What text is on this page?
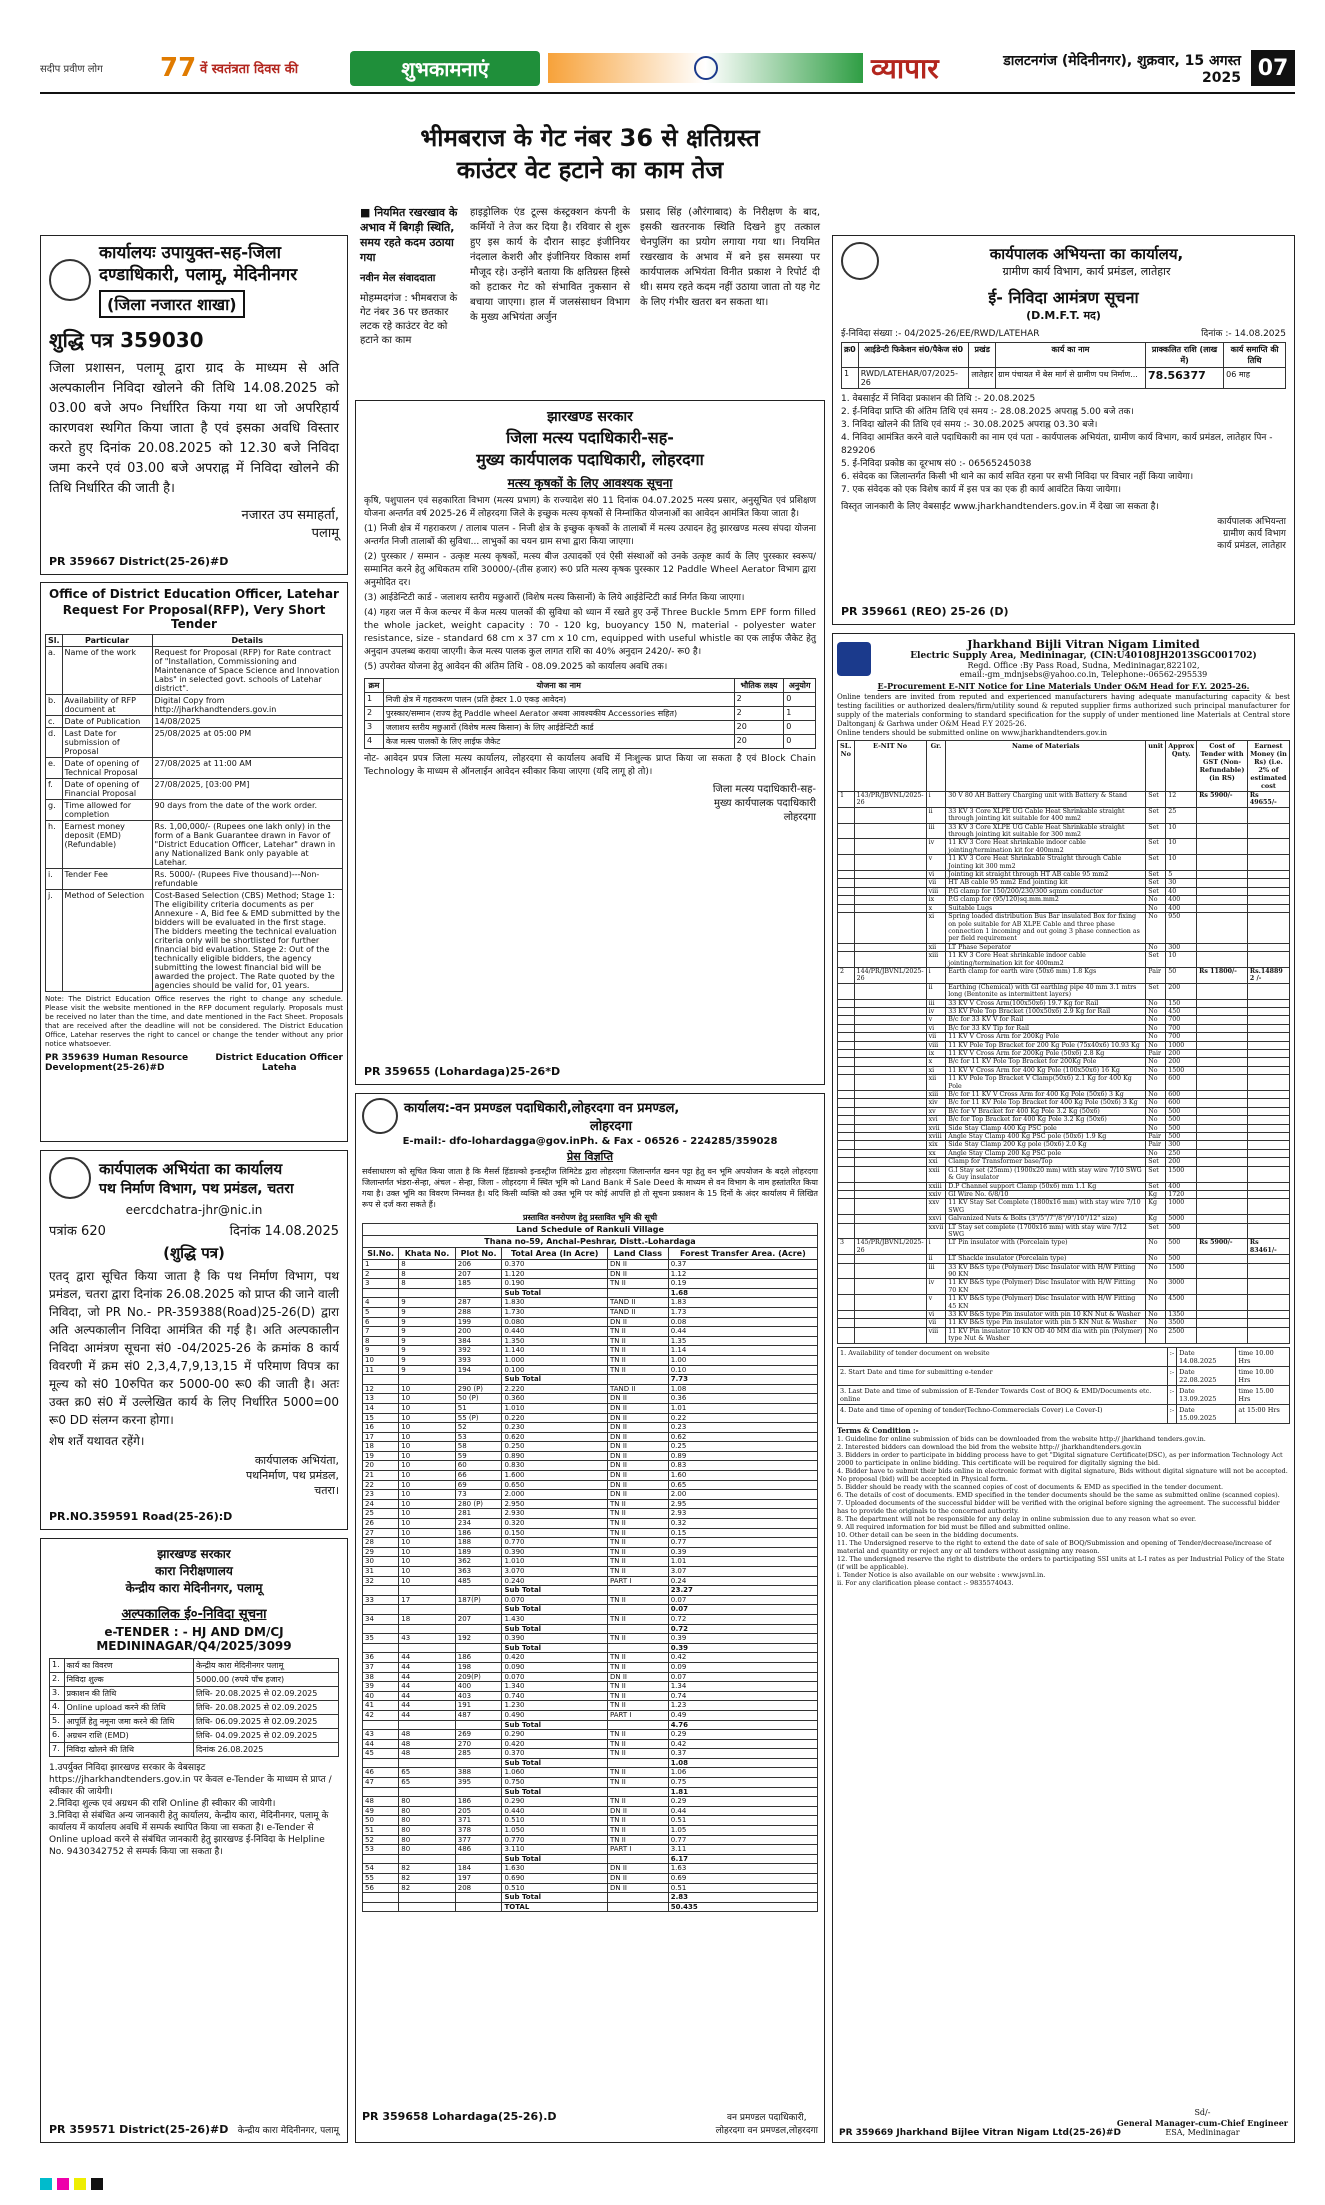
सदीप प्रवीण लोग	77 वें स्वतंत्रता दिवस की	शुभकामनाएं	व्यापार	डालटनगंज (मेदिनीनगर), शुक्रवार, 15 अगस्त 2025 07
भीमबराज के गेट नंबर 36 से क्षतिग्रस्त
काउंटर वेट हटाने का काम तेज
■ नियमित रखरखाव के अभाव में बिगड़ी स्थिति, समय रहते कदम उठाया गया
नवीन मेल संवाददाता
मोहम्मदगंज : भीमबराज के गेट नंबर 36 पर छतकार लटक रहे काउंटर वेट को हटाने का काम
हाइड्रोलिक एंड टूल्स कंस्ट्रक्शन कंपनी के कर्मियों ने तेज कर दिया है। रविवार से शुरू हुए इस कार्य के दौरान साइट इंजीनियर नंदलाल केशरी और इंजीनियर विकास शर्मा मौजूद रहे। उन्होंने बताया कि क्षतिग्रस्त हिस्से को हटाकर गेट को संभावित नुकसान से बचाया जाएगा। हाल में जलसंसाधन विभाग के मुख्य अभियंता अर्जुन
प्रसाद सिंह (औरंगाबाद) के निरीक्षण के बाद, इसकी खतरनाक स्थिति दिखने हुए तत्काल चेनपुलिंग का प्रयोग लगाया गया था। नियमित रखरखाव के अभाव में बने इस समस्या पर कार्यपालक अभियंता विनीत प्रकाश ने रिपोर्ट दी थी। समय रहते कदम नहीं उठाया जाता तो यह गेट के लिए गंभीर खतरा बन सकता था।
कार्यालयः उपायुक्त-सह-जिला दण्डाधिकारी, पलामू, मेदिनीनगर
(जिला नजारत शाखा)
शुद्धि पत्र 359030
जिला प्रशासन, पलामू द्वारा ग्राद के माध्यम से अति अल्पकालीन निविदा खोलने की तिथि 14.08.2025 को 03.00 बजे अप० निर्धारित किया गया था जो अपरिहार्य कारणवश स्थगित किया जाता है एवं इसका अवधि विस्तार करते हुए दिनांक 20.08.2025 को 12.30 बजे निविदा जमा करने एवं 03.00 बजे अपराह्न में निविदा खोलने की तिथि निर्धारित की जाती है।
नजारत उप समाहर्ता,
पलामू
PR 359667 District(25-26)#D
Office of District Education Officer, Latehar
Request For Proposal(RFP), Very Short Tender
Sl.	Particular	Details
a.	Name of the work	Request for Proposal (RFP) for Rate contract of "Installation, Commissioning and Maintenance of Space Science and Innovation Labs" in selected govt. schools of Latehar district".
b.	Availability of RFP document at	Digital Copy from http://jharkhandtenders.gov.in
c.	Date of Publication	14/08/2025
d.	Last Date for submission of Proposal	25/08/2025 at 05:00 PM
e.	Date of opening of Technical Proposal	27/08/2025 at 11:00 AM
f.	Date of opening of Financial Proposal	27/08/2025, [03:00 PM]
g.	Time allowed for completion	90 days from the date of the work order.
h.	Earnest money deposit (EMD) (Refundable)	Rs. 1,00,000/- (Rupees one lakh only) in the form of a Bank Guarantee drawn in Favor of "District Education Officer, Latehar" drawn in any Nationalized Bank only payable at Latehar.
i.	Tender Fee	Rs. 5000/- (Rupees Five thousand)---Non-refundable
j.	Method of Selection	Cost-Based Selection (CBS) Method; Stage 1: The eligibility criteria documents as per Annexure - A, Bid fee & EMD submitted by the bidders will be evaluated in the first stage. The bidders meeting the technical evaluation criteria only will be shortlisted for further financial bid evaluation. Stage 2: Out of the technically eligible bidders, the agency submitting the lowest financial bid will be awarded the project. The Rate quoted by the agencies should be valid for, 01 years.
Note: The District Education Office reserves the right to change any schedule. Please visit the website mentioned in the RFP document regularly. Proposals must be received no later than the time, and date mentioned in the Fact Sheet. Proposals that are received after the deadline will not be considered. The District Education Office, Latehar reserves the right to cancel or change the tender without any prior notice whatsoever.
PR 359639 Human Resource Development(25-26)#D
District Education Officer
Lateha
कार्यपालक अभियंता का कार्यालय
पथ निर्माण विभाग, पथ प्रमंडल, चतरा
eercdchatra-jhr@nic.in
पत्रांक 620	दिनांक 14.08.2025
(शुद्धि पत्र)
एतद् द्वारा सूचित किया जाता है कि पथ निर्माण विभाग, पथ प्रमंडल, चतरा द्वारा दिनांक 26.08.2025 को प्राप्त की जाने वाली निविदा, जो PR No.- PR-359388(Road)25-26(D) द्वारा अति अल्पकालीन निविदा आमंत्रित की गई है। अति अल्पकालीन निविदा आमंत्रण सूचना सं0 -04/2025-26 के क्रमांक 8 कार्य विवरणी में क्रम सं0 2,3,4,7,9,13,15 में परिमाण विपत्र का मूल्य को सं0 10रुपित कर 5000-00 रू0 की जाती है। अतः उक्त क्र0 सं0 में उल्लेखित कार्य के लिए निर्धारित 5000=00 रू0 DD संलग्न करना होगा।
शेष शर्तें यथावत रहेंगे।
कार्यपालक अभियंता,
पथनिर्माण, पथ प्रमंडल,
चतरा।
PR.NO.359591 Road(25-26):D
झारखण्ड सरकार
कारा निरीक्षणालय
केन्द्रीय कारा मेदिनीनगर, पलामू
अल्पकालिक ई०-निविदा सूचना
e-TENDER : - HJ AND DM/CJ MEDININAGAR/Q4/2025/3099
1.	कार्य का विवरण	केन्द्रीय कारा मेदिनीनगर पलामू
2.	निविदा शुल्क	5000.00 (रुपये पाँच हजार)
3.	प्रकाशन की तिथि	तिथि- 20.08.2025 से 02.09.2025
4.	Online upload करने की तिथि	तिथि- 20.08.2025 से 02.09.2025
5.	आपूर्ति हेतु नमूना जमा करने की तिथि	तिथि- 06.09.2025 से 02.09.2025
6.	अग्रधन राशि (EMD)	तिथि- 04.09.2025 से 02.09.2025
7.	निविदा खोलने की तिथि	दिनांक 26.08.2025
1.उपर्युक्त निविदा झारखण्ड सरकार के वेबसाइट https://jharkhandtenders.gov.in पर केवल e-Tender के माध्यम से प्राप्त / स्वीकार की जायेगी।
2.निविदा शुल्क एवं अग्रधन की राशि Online ही स्वीकार की जायेगी।
3.निविदा से संबंधित अन्य जानकारी हेतु कार्यालय, केन्द्रीय कारा, मेदिनीनगर, पलामू के कार्यालय में कार्यालय अवधि में सम्पर्क स्थापित किया जा सकता है। e-Tender से Online upload करने से संबंधित जानकारी हेतु झारखण्ड ई-निविदा के Helpline No. 9430342752 से सम्पर्क किया जा सकता है।
PR 359571 District(25-26)#D केन्द्रीय कारा मेदिनीनगर, पलामू
झारखण्ड सरकार
जिला मत्स्य पदाधिकारी-सह-
मुख्य कार्यपालक पदाधिकारी, लोहरदगा
मत्स्य कृषकों के लिए आवश्यक सूचना
कृषि, पशुपालन एवं सहकारिता विभाग (मत्स्य प्रभाग) के राज्यादेश सं0 11 दिनांक 04.07.2025 मत्स्य प्रसार, अनुसूचित एवं प्रशिक्षण योजना अन्तर्गत वर्ष 2025-26 में लोहरदगा जिले के इच्छुक मत्स्य कृषकों से निम्नांकित योजनाओं का आवेदन आमंत्रित किया जाता है।
(1) निजी क्षेत्र में गहराकरण / तालाब पालन - निजी क्षेत्र के इच्छुक कृषकों के तालाबों में मत्स्य उत्पादन हेतु झारखण्ड मत्स्य संपदा योजना अन्तर्गत निजी तालाबों की सुविधा... लाभुकों का चयन ग्राम सभा द्वारा किया जाएगा।
(2) पुरस्कार / सम्मान - उत्कृष्ट मत्स्य कृषकों, मत्स्य बीज उत्पादकों एवं ऐसी संस्थाओं को उनके उत्कृष्ट कार्य के लिए पुरस्कार स्वरूप/सम्मानित करने हेतु अधिकतम राशि 30000/-(तीस हजार) रू0 प्रति मत्स्य कृषक पुरस्कार 12 Paddle Wheel Aerator विभाग द्वारा अनुमोदित दर।
(3) आईडेन्टिटी कार्ड - जलाशय स्तरीय मछुआरों (विशेष मत्स्य किसानों) के लिये आईडेन्टिटी कार्ड निर्गत किया जाएगा।
(4) गहरा जल में केज कल्चर में केज मत्स्य पालकों की सुविधा को ध्यान में रखते हुए उन्हें Three Buckle 5mm EPF form filled the whole jacket, weight capacity : 70 - 120 kg, buoyancy 150 N, material - polyester water resistance, size - standard 68 cm x 37 cm x 10 cm, equipped with useful whistle का एक लाईफ जैकेट हेतु अनुदान उपलब्ध कराया जाएगी। केज मत्स्य पालक कुल लागत राशि का 40% अनुदान 2420/- रू0 है।
(5) उपरोक्त योजना हेतु आवेदन की अंतिम तिथि - 08.09.2025 को कार्यालय अवधि तक।
क्रम	योजना का नाम	भौतिक लक्ष्य	अनुयोग
1	निजी क्षेत्र में गहराकरण पालन (प्रति हेक्टर 1.0 एकड़ आवेदन)	2	0
2	पुरस्कार/सम्मान (राज्य हेतु Paddle wheel Aerator अथवा आवश्यकीय Accessories सहित)	2	1
3	जलाशय स्तरीय मछुआरों (विशेष मत्स्य किसान) के लिए आईडेन्टिटी कार्ड	20	0
4	केज मत्स्य पालकों के लिए लाईफ जैकेट	20	0
नोट- आवेदन प्रपत्र जिला मत्स्य कार्यालय, लोहरदगा से कार्यालय अवधि में निःशुल्क प्राप्त किया जा सकता है एवं Block Chain Technology के माध्यम से ऑनलाईन आवेदन स्वीकार किया जाएगा (यदि लागू हो तो)।
जिला मत्स्य पदाधिकारी-सह-
मुख्य कार्यपालक पदाधिकारी
लोहरदगा
PR 359655 (Lohardaga)25-26*D
कार्यालय:-वन प्रमण्डल पदाधिकारी,लोहरदगा वन प्रमण्डल,
लोहरदगा
E-mail:- dfo-lohardagga@gov.inPh. & Fax - 06526 - 224285/359028
प्रेस विज्ञप्ति
सर्वसाधारण को सूचित किया जाता है कि मैसर्स हिंडाल्को इन्डस्ट्रीज लिमिटेड द्वारा लोहरदगा जिलान्तर्गत खनन पट्टा हेतु वन भूमि अपयोजन के बदले लोहरदगा जिलान्तर्गत भंडरा-सेन्हा, अंचल - सेन्हा, जिला - लोहरदगा में स्थित भूमि को Land Bank में Sale Deed के माध्यम से वन विभाग के नाम हस्तांतरित किया गया है। उक्त भूमि का विवरण निम्नवत है। यदि किसी व्यक्ति को उक्त भूमि पर कोई आपत्ति हो तो सूचना प्रकाशन के 15 दिनों के अंदर कार्यालय में लिखित रूप से दर्ज करा सकते हैं।
प्रस्तावित वनरोपण हेतु प्रस्तावित भूमि की सूची
Land Schedule of Rankuli Village					
Thana no-59, Anchal-Peshrar, Distt.-Lohardaga					
Sl.No.	Khata No.	Plot No.	Total Area (In Acre)	Land Class	Forest Transfer Area. (Acre)
1	8	206	0.370	DN II	0.37
2	8	207	1.120	DN II	1.12
3	8	185	0.190	TN II	0.19
			Sub Total		1.68
4	9	287	1.830	TAND II	1.83
5	9	288	1.730	TAND II	1.73
6	9	199	0.080	DN II	0.08
7	9	200	0.440	TN II	0.44
8	9	384	1.350	TN II	1.35
9	9	392	1.140	TN II	1.14
10	9	393	1.000	TN II	1.00
11	9	194	0.100	TN II	0.10
			Sub Total		7.73
12	10	290 (P)	2.220	TAND II	1.08
13	10	50 (P)	0.360	DN II	0.36
14	10	51	1.010	DN II	1.01
15	10	55 (P)	0.220	DN II	0.22
16	10	52	0.230	DN II	0.23
17	10	53	0.620	DN II	0.62
18	10	58	0.250	DN II	0.25
19	10	59	0.890	DN II	0.89
20	10	60	0.830	DN II	0.83
21	10	66	1.600	DN II	1.60
22	10	69	0.650	DN II	0.65
23	10	73	2.000	DN II	2.00
24	10	280 (P)	2.950	TN II	2.95
25	10	281	2.930	TN II	2.93
26	10	234	0.320	TN II	0.32
27	10	186	0.150	TN II	0.15
28	10	188	0.770	TN II	0.77
29	10	189	0.390	TN II	0.39
30	10	362	1.010	TN II	1.01
31	10	363	3.070	TN II	3.07
32	10	485	0.240	PART I	0.24
			Sub Total		23.27
33	17	187(P)	0.070	TN II	0.07
			Sub Total		0.07
34	18	207	1.430	TN II	0.72
			Sub Total		0.72
35	43	192	0.390	TN II	0.39
			Sub Total		0.39
36	44	186	0.420	TN II	0.42
37	44	198	0.090	TN II	0.09
38	44	209(P)	0.070	DN II	0.07
39	44	400	1.340	TN II	1.34
40	44	403	0.740	TN II	0.74
41	44	191	1.230	TN II	1.23
42	44	487	0.490	PART I	0.49
			Sub Total		4.76
43	48	269	0.290	TN II	0.29
44	48	270	0.420	TN II	0.42
45	48	285	0.370	TN II	0.37
			Sub Total		1.08
46	65	388	1.060	TN II	1.06
47	65	395	0.750	TN II	0.75
			Sub Total		1.81
48	80	186	0.290	TN II	0.29
49	80	205	0.440	DN II	0.44
50	80	371	0.510	TN II	0.51
51	80	378	1.050	TN II	1.05
52	80	377	0.770	TN II	0.77
53	80	486	3.110	PART I	3.11
			Sub Total		6.17
54	82	184	1.630	DN II	1.63
55	82	197	0.690	DN II	0.69
56	82	208	0.510	DN II	0.51
			Sub Total		2.83
			TOTAL		50.435
PR 359658 Lohardaga(25-26).D	वन प्रमण्डल पदाधिकारी,
लोहरदगा वन प्रमण्डल,लोहरदगा
कार्यपालक अभियन्ता का कार्यालय,
ग्रामीण कार्य विभाग, कार्य प्रमंडल, लातेहार
ई- निविदा आमंत्रण सूचना
(D.M.F.T. मद)
ई-निविदा संख्या :- 04/2025-26/EE/RWD/LATEHAR	दिनांक :- 14.08.2025
क्र0	आईडेन्टी फिकेशन सं0/पैकेज सं0	प्रखंड	कार्य का नाम	प्राक्कलित राशि (लाख में)	कार्य समाप्ति की तिथि
1	RWD/LATEHAR/07/2025-26	लातेहार	ग्राम पंचायत में बेस मार्ग से ग्रामीण पथ निर्माण...	78.56377	06 माह
1. वेबसाईट में निविदा प्रकाशन की तिथि :- 20.08.2025
2. ई-निविदा प्राप्ति की अंतिम तिथि एवं समय :- 28.08.2025 अपराह्न 5.00 बजे तक।
3. निविदा खोलने की तिथि एवं समय :- 30.08.2025 अपराह्न 03.30 बजे।
4. निविदा आमंत्रित करने वाले पदाधिकारी का नाम एवं पता - कार्यपालक अभियंता, ग्रामीण कार्य विभाग, कार्य प्रमंडल, लातेहार पिन - 829206
5. ई-निविदा प्रकोष्ठ का दूरभाष सं0 :- 06565245038
6. संवेदक का जिलान्तर्गत किसी भी थाने का कार्य सवित रहना पर सभी निविदा पर विचार नहीं किया जायेगा।
7. एक संवेदक को एक विशेष कार्य में इस पत्र का एक ही कार्य आवंटित किया जायेगा।
विस्तृत जानकारी के लिए वेबसाईट www.jharkhandtenders.gov.in में देखा जा सकता है।
कार्यपालक अभियन्ता
ग्रामीण कार्य विभाग
कार्य प्रमंडल, लातेहार
PR 359661 (REO) 25-26 (D)
Jharkhand Bijli Vitran Nigam Limited
Electric Supply Area, Medininagar, (CIN:U40108JH2013SGC001702)
Regd. Office :By Pass Road, Sudna, Medininagar,822102,
email:-gm_mdnjsebs@yahoo.co.in, Telephone:-06562-295539
E-Procurement E-NIT Notice for Line Materials Under O&M Head for F.Y. 2025-26.
Online tenders are invited from reputed and experienced manufacturers having adequate manufacturing capacity & best testing facilities or authorized dealers/firm/utility sound & reputed supplier firms authorized such principal manufacturer for supply of the materials conforming to standard specification for the supply of under mentioned line Materials at Central store Daltonganj & Garhwa under O&M Head F.Y 2025-26.
Online tenders should be submitted online on www.jharkhandtenders.gov.in
SL. No	E-NIT No	Gr.	Name of Materials	unit	Approx Qnty.	Cost of Tender with GST (Non-Refundable) (in RS)	Earnest Money (in Rs) (i.e. 2% of estimated cost
1	143/PR/JBVNL/2025-26	i	30 V 80 AH Battery Charging unit with Battery & Stand	Set	12	Rs 5900/-	Rs 49655/-
		ii	33 KV 3 Core XLPE UG Cable Heat Shrinkable straight through jointing kit suitable for 400 mm2	Set	25		
		iii	33 KV 3 Core XLPE UG Cable Heat Shrinkable straight through jointing kit suitable for 300 mm2	Set	10		
		iv	11 KV 3 Core Heat shrinkable indoor cable jointing/termination kit for 400mm2	Set	10		
		v	11 KV 3 Core Heat Shrinkable Straight through Cable Jointing kit 300 mm2	Set	10		
		vi	Jointing kit straight through HT AB cable 95 mm2	Set	5		
		vii	HT AB cable 95 mm2 End jointing kit	Set	30		
		viii	P.G clamp for 150/200/230/300 sqmm conductor	Set	40		
		ix	P.G clamp for (95/120)sq.mm.mm2	No	400		
		x	Suitable Lugs	No	400		
		xi	Spring loaded distribution Bus Bar insulated Box for fixing on pole suitable for AB XLPE Cable and three phase connection 1 incoming and out going 3 phase connection as per field requirement	No	950		
		xii	LT Phase Seperator	No	300		
		xiii	11 KV 3 Core Heat shrinkable indoor cable jointing/termination kit for 400mm2	Set	10		
2	144/PR/JBVNL/2025-26	i	Earth clamp for earth wire (50x6 mm) 1.8 Kgs	Pair	50	Rs 11800/-	Rs.14889 2 /-
		ii	Earthing (Chemical) with GI earthing pipe 40 mm 3.1 mtrs long (Bentonite as intermittent layers)	Set	200		
		iii	33 KV V Cross Arm(100x50x6) 19.7 Kg for Rail	No	150		
		iv	33 KV Pole Top Bracket (100x50x6) 2.9 Kg for Rail	No	450		
		v	B/c for 33 KV V for Rail	No	700		
		vi	B/c for 33 KV Tip for Rail	No	700		
		vii	11 KV V Cross Arm for 200Kg Pole	No	700		
		viii	11 KV Pole Top Bracket for 200 Kg Pole (75x40x6) 10.93 Kg	No	1000		
		ix	11 KV V Cross Arm for 200Kg Pole (50x6) 2.8 Kg	Pair	200		
		x	B/c for 11 KV Pole Top Bracket for 200Kg Pole	No	200		
		xi	11 KV V Cross Arm for 400 Kg Pole (100x50x6) 16 Kg	No	1500		
		xii	11 KV Pole Top Bracket V Clamp(50x6) 2.1 Kg for 400 Kg Pole	No	600		
		xiii	B/c for 11 KV V Cross Arm for 400 Kg Pole (50x6) 3 Kg	No	600		
		xiv	B/c for 11 KV Pole Top Bracket for 400 Kg Pole (50x6) 3 Kg	No	600		
		xv	B/c for V Bracket for 400 Kg Pole 3.2 Kg (50x6)	No	500		
		xvi	B/c for Top Bracket for 400 Kg Pole 3.2 Kg (50x6)	No	500		
		xvii	Side Stay Clamp 400 Kg PSC pole	No	500		
		xviii	Angle Stay Clamp 400 Kg PSC pole (50x6) 1.9 Kg	Pair	500		
		xix	Side Stay Clamp 200 Kg pole (50x6) 2.0 Kg	Pair	300		
		xx	Angle Stay Clamp 200 Kg PSC pole	No	250		
		xxi	Clamp for Transformer base/Top	Set	200		
		xxii	G.I Stay set (25mm) (1900x20 mm) with stay wire 7/10 SWG & Guy insulator	Set	1500		
		xxiii	D.P Channel support Clamp (50x6) mm 1.1 Kg	Set	400		
		xxiv	GI Wire No. 6/8/10	Kg	1720		
		xxv	11 KV Stay Set Complete (1800x16 mm) with stay wire 7/10 SWG	Kg	1000		
		xxvi	Galvanized Nuts & Bolts (3"/5"/7"/8"/9"/10"/12" size)	Kg	5000		
		xxvii	LT Stay set complete (1700x16 mm) with stay wire 7/12 SWG	Set	500		
3	145/PR/JBVNL/2025-26	i	LT Pin insulator with (Porcelain type)	No	500	Rs 5900/-	Rs 83461/-
		ii	LT Shackle insulator (Porcelain type)	No	500		
		iii	33 KV B&S type (Polymer) Disc Insulator with H/W Fitting 90 KN	No	1500		
		iv	11 KV B&S type (Polymer) Disc Insulator with H/W Fitting 70 KN	No	3000		
		v	11 KV B&S type (Polymer) Disc Insulator with H/W Fitting 45 KN	No	4500		
		vi	33 KV B&S type Pin insulator with pin 10 KN Nut & Washer	No	1350		
		vii	11 KV B&S type Pin insulator with pin 5 KN Nut & Washer	No	3500		
		viii	11 KV Pin insulator 10 KN OD 40 MM dia with pin (Polymer) type Nut & Washer	No	2500		
1. Availability of tender document on website	:-	Date 14.08.2025	time 10.00 Hrs
2. Start Date and time for submitting e-tender	:-	Date 22.08.2025	time 10.00 Hrs
3. Last Date and time of submission of E-Tender Towards Cost of BOQ & EMD/Documents etc. online	:-	Date 13.09.2025	time 15.00 Hrs
4. Date and time of opening of tender(Techno-Commerecials Cover) i.e Cover-I)	:-	Date 15.09.2025	at 15:00 Hrs
Terms & Condition :-
1. Guideline for online submission of bids can be downloaded from the website http:// jharkhand tenders.gov.in.
2. Interested bidders can download the bid from the website http:// jharkhandtenders.gov.in
3. Bidders in order to participate in bidding process have to get "Digital signature Certificate(DSC), as per information Technology Act 2000 to participate in online bidding. This certificate will be required for digitally signing the bid.
4. Bidder have to submit their bids online in electronic format with digital signature, Bids without digital signature will not be accepted. No proposal (bid) will be accepted in Physical form.
5. Bidder should be ready with the scanned copies of cost of documents & EMD as specified in the tender document.
6. The details of cost of documents. EMD specified in the tender documents should be the same as submitted online (scanned copies).
7. Uploaded documents of the successful bidder will be verified with the original before signing the agreement. The successful bidder has to provide the originals to the concerned authority.
8. The department will not be responsible for any delay in online submission due to any reason what so ever.
9. All required information for bid must be filled and submitted online.
10. Other detail can be seen in the bidding documents.
11. The Undersigned reserve to the right to extend the date of sale of BOQ/Submission and opening of Tender/decrease/increase of material and quantity or reject any or all tenders without assigning any reason.
12. The undersigned reserve the right to distribute the orders to participating SSI units at L-I rates as per Industrial Policy of the State (if will be applicable).
i. Tender Notice is also available on our website : www.jsvnl.in.
ii. For any clarification please contact :- 9835574043.
PR 359669 Jharkhand Bijlee Vitran Nigam Ltd(25-26)#D
Sd/-
General Manager-cum-Chief Engineer
ESA, Medininagar
